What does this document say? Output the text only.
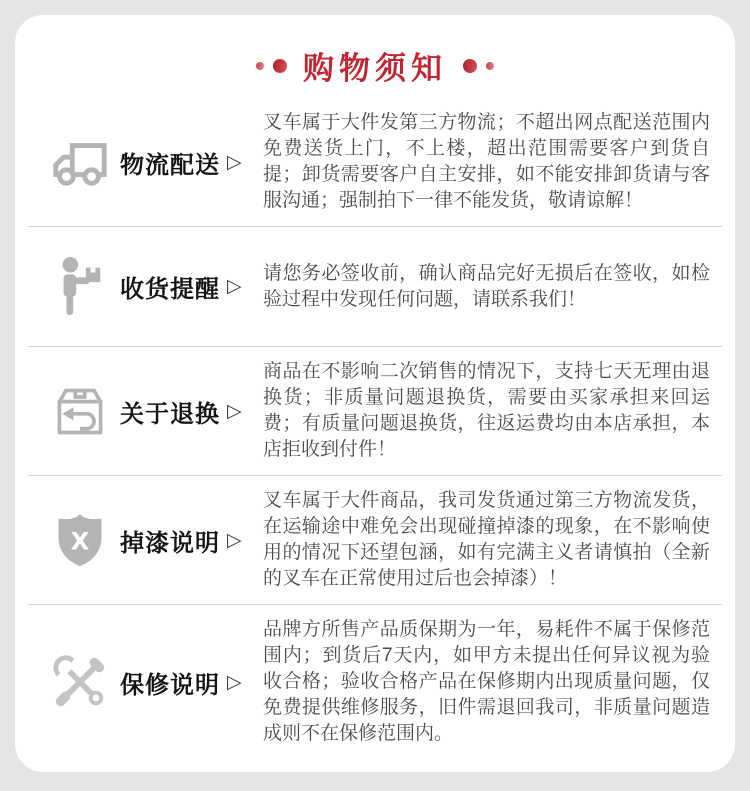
购物须知
物流配送 ▷
叉车属于大件发第三方物流；不超出网点配送范围内免费送货上门，不上楼，超出范围需要客户到货自提；卸货需要客户自主安排，如不能安排卸货请与客服沟通；强制拍下一律不能发货，敬请谅解！
收货提醒 ▷
请您务必签收前，确认商品完好无损后在签收，如检验过程中发现任何问题，请联系我们！
关于退换 ▷
商品在不影响二次销售的情况下，支持七天无理由退换货；非质量问题退换货，需要由买家承担来回运费；有质量问题退换货，往返运费均由本店承担，本店拒收到付件！
X 掉漆说明 ▷
叉车属于大件商品，我司发货通过第三方物流发货，在运输途中难免会出现碰撞掉漆的现象，在不影响使用的情况下还望包涵，如有完满主义者请慎拍（全新的叉车在正常使用过后也会掉漆）！
保修说明 ▷
品牌方所售产品质保期为一年，易耗件不属于保修范围内；到货后7天内，如甲方未提出任何异议视为验收合格；验收合格产品在保修期内出现质量问题，仅免费提供维修服务，旧件需退回我司，非质量问题造成则不在保修范围内。
